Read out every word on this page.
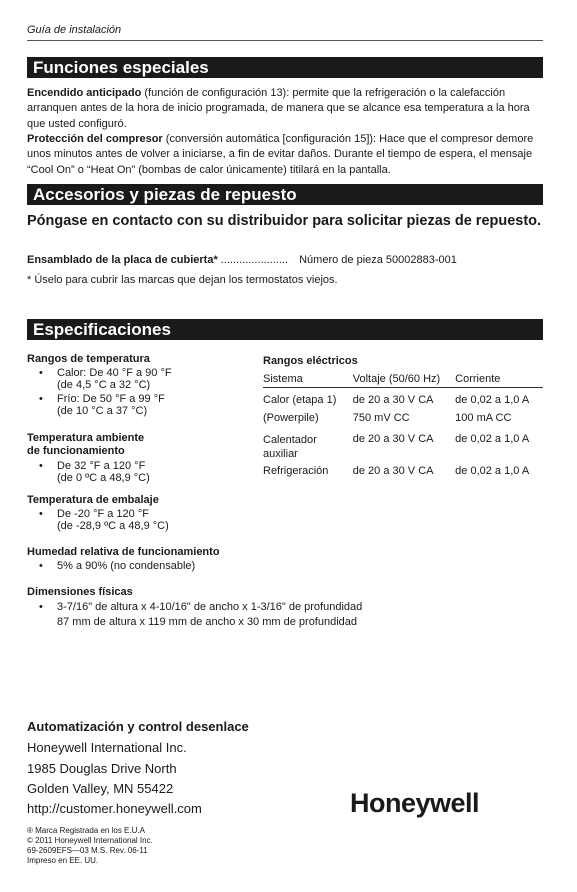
Guía de instalación
Funciones especiales
Encendido anticipado (función de configuración 13): permite que la refrigeración o la calefacción arranquen antes de la hora de inicio programada, de manera que se alcance esa temperatura a la hora que usted configuró.
Protección del compresor (conversión automática [configuración 15]): Hace que el compresor demore unos minutos antes de volver a iniciarse, a fin de evitar daños. Durante el tiempo de espera, el mensaje “Cool On” o “Heat On” (bombas de calor únicamente) titilará en la pantalla.
Accesorios y piezas de repuesto
Póngase en contacto con su distribuidor para solicitar piezas de repuesto.
Ensamblado de la placa de cubierta* ...................... Número de pieza 50002883-001
* Úselo para cubrir las marcas que dejan los termostatos viejos.
Especificaciones
Rangos de temperatura
• Calor: De 40 °F a 90 °F
(de 4,5 °C a 32 °C)
• Frío: De 50 °F a 99 °F
(de 10 °C a 37 °C)
Temperatura ambiente
de funcionamiento
• De 32 °F a 120 °F
(de 0 ºC a 48,9 °C)
Temperatura de embalaje
• De -20 °F a 120 °F
(de -28,9 ºC a 48,9 °C)
Humedad relativa de funcionamiento
• 5% a 90% (no condensable)
Dimensiones físicas
• 3-7/16" de altura x 4-10/16" de ancho x 1-3/16" de profundidad
87 mm de altura x 119 mm de ancho x 30 mm de profundidad
Rangos eléctricos
Sistema	Voltaje (50/60 Hz)	Corriente
Calor (etapa 1)	de 20 a 30 V CA	de 0,02 a 1,0 A
(Powerpile)	750 mV CC	100 mA CC
Calentador
auxiliar	de 20 a 30 V CA	de 0,02 a 1,0 A
Refrigeración	de 20 a 30 V CA	de 0,02 a 1,0 A
Automatización y control desenlace
Honeywell International Inc.
1985 Douglas Drive North
Golden Valley, MN 55422
http://customer.honeywell.com	Honeywell
® Marca Registrada en los E.U.A
© 2011 Honeywell International Inc.
69-2609EFS—03 M.S. Rev. 06-11
Impreso en EE. UU.
